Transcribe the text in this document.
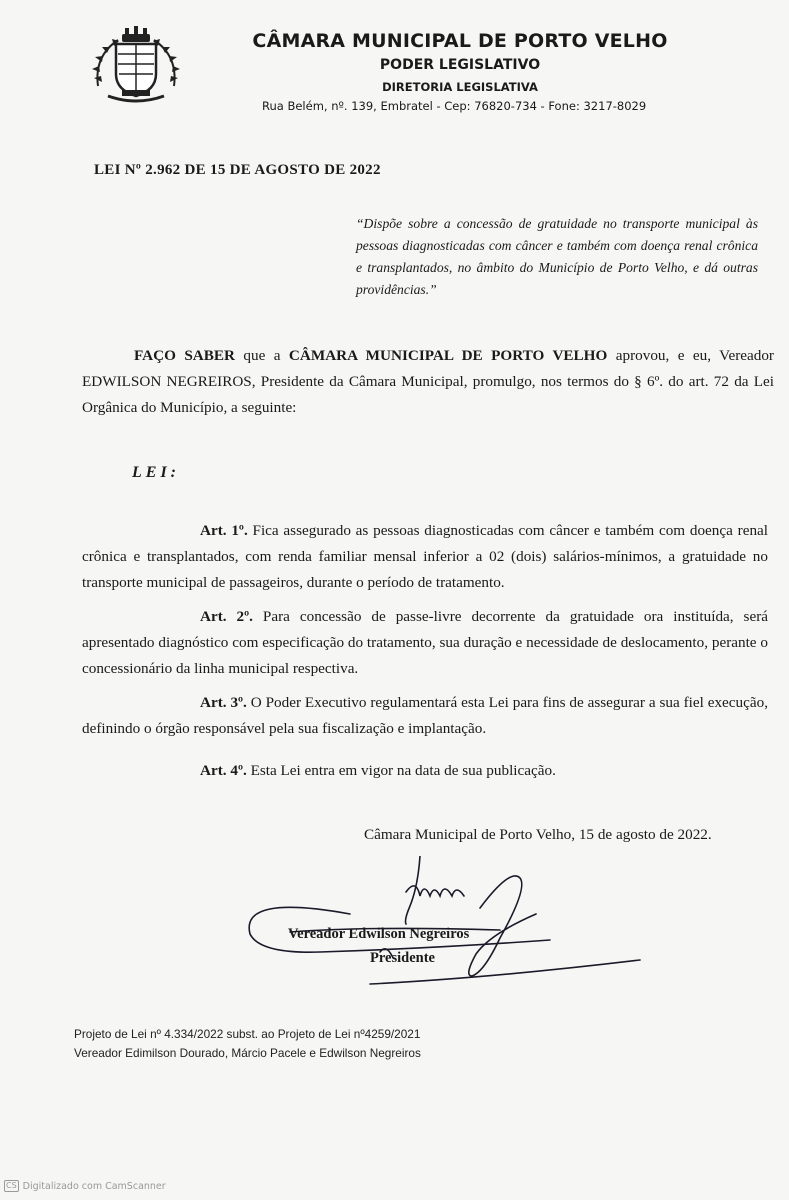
CÂMARA MUNICIPAL DE PORTO VELHO
PODER LEGISLATIVO
DIRETORIA LEGISLATIVA
Rua Belém, nº. 139, Embratel - Cep: 76820-734 - Fone: 3217-8029
LEI Nº 2.962 DE 15 DE AGOSTO DE 2022
“Dispõe sobre a concessão de gratuidade no transporte municipal às pessoas diagnosticadas com câncer e também com doença renal crônica e transplantados, no âmbito do Município de Porto Velho, e dá outras providências.”
FAÇO SABER que a CÂMARA MUNICIPAL DE PORTO VELHO aprovou, e eu, Vereador EDWILSON NEGREIROS, Presidente da Câmara Municipal, promulgo, nos termos do § 6º. do art. 72 da Lei Orgânica do Município, a seguinte:
LEI:
Art. 1º. Fica assegurado as pessoas diagnosticadas com câncer e também com doença renal crônica e transplantados, com renda familiar mensal inferior a 02 (dois) salários-mínimos, a gratuidade no transporte municipal de passageiros, durante o período de tratamento.
Art. 2º. Para concessão de passe-livre decorrente da gratuidade ora instituída, será apresentado diagnóstico com especificação do tratamento, sua duração e necessidade de deslocamento, perante o concessionário da linha municipal respectiva.
Art. 3º. O Poder Executivo regulamentará esta Lei para fins de assegurar a sua fiel execução, definindo o órgão responsável pela sua fiscalização e implantação.
Art. 4º. Esta Lei entra em vigor na data de sua publicação.
Câmara Municipal de Porto Velho, 15 de agosto de 2022.
Vereador Edwilson Negreiros
Presidente
Projeto de Lei nº 4.334/2022 subst. ao Projeto de Lei nº4259/2021
Vereador Edimilson Dourado, Márcio Pacele e Edwilson Negreiros
CS Digitalizado com CamScanner
